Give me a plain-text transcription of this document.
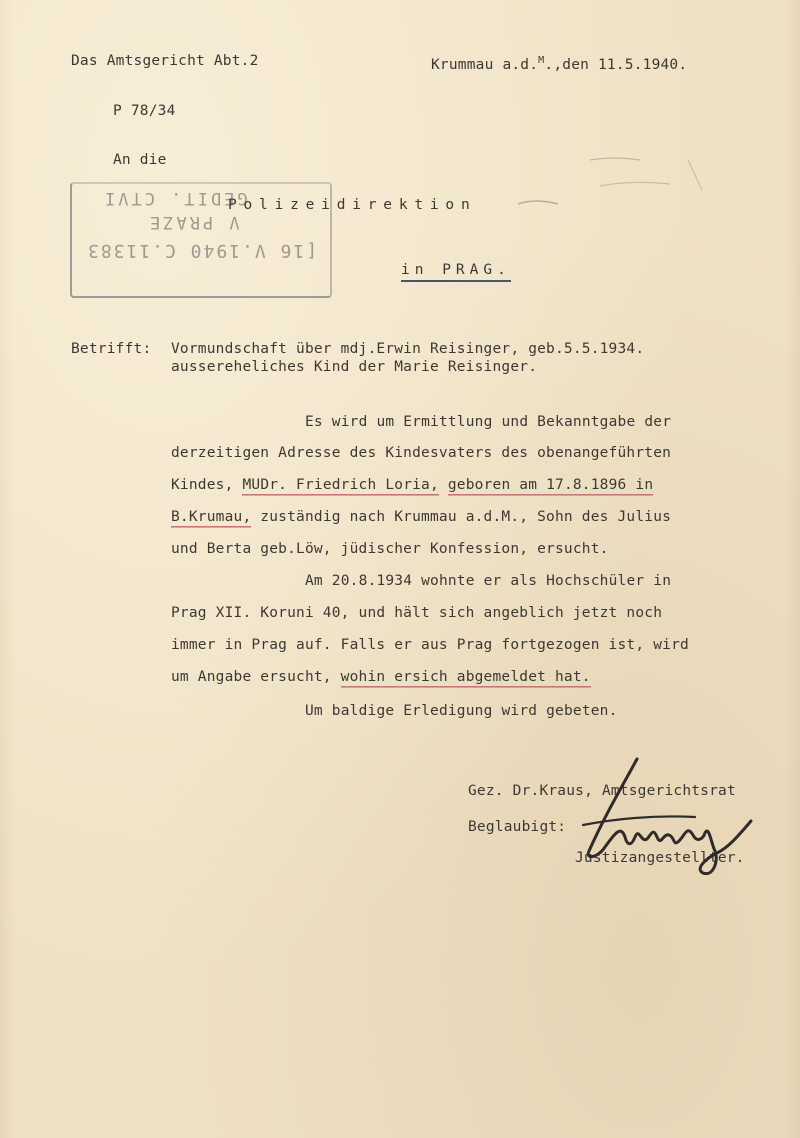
Das Amtsgericht Abt.2	Krummau a.d.$^M$.,den 11.5.1940.
P 78/34
An die
GEDIT. CTVI
V PRAZE
[16 V.1940 C.11383
Polizeidirektion
in PRAG.
Betrifft: Vormundschaft über mdj.Erwin Reisinger, geb.5.5.1934.
aussereheliches Kind der Marie Reisinger.
Es wird um Ermittlung und Bekanntgabe der
derzeitigen Adresse des Kindesvaters des obenangeführten
Kindes, MUDr. Friedrich Loria, geboren am 17.8.1896 in
B.Krumau, zuständig nach Krummau a.d.M., Sohn des Julius
und Berta geb.Löw, jüdischer Konfession, ersucht.
Am 20.8.1934 wohnte er als Hochschüler in
Prag XII. Koruni 40, und hält sich angeblich jetzt noch
immer in Prag auf. Falls er aus Prag fortgezogen ist, wird
um Angabe ersucht, wohin ersich abgemeldet hat.
Um baldige Erledigung wird gebeten.
Gez. Dr.Kraus, Amtsgerichtsrat
Beglaubigt:
Justizangestellter.
